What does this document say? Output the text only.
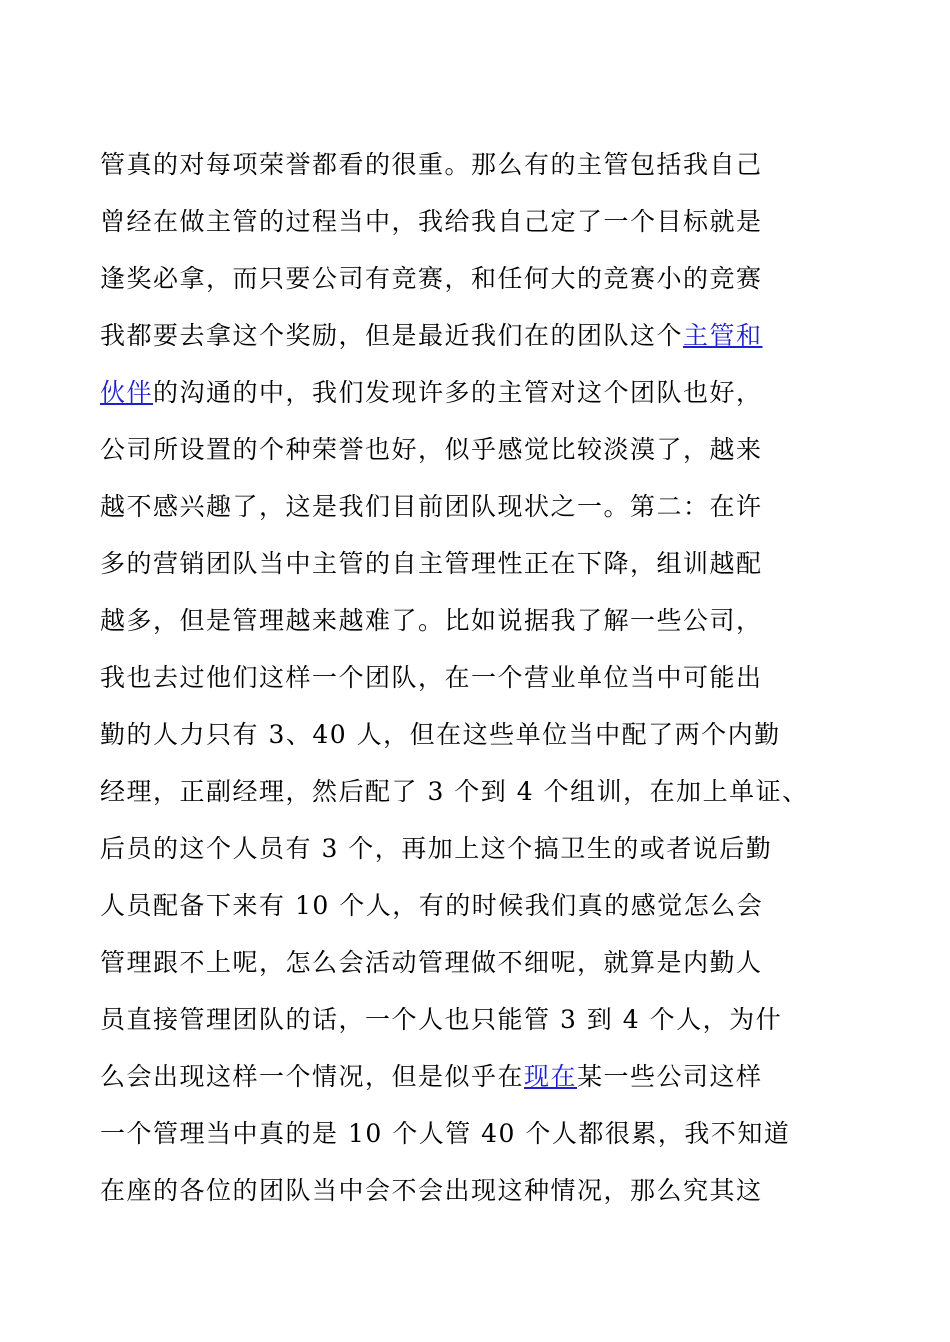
管真的对每项荣誉都看的很重。那么有的主管包括我自己
曾经在做主管的过程当中，我给我自己定了一个目标就是
逢奖必拿，而只要公司有竞赛，和任何大的竞赛小的竞赛
我都要去拿这个奖励，但是最近我们在的团队这个主管和
伙伴的沟通的中，我们发现许多的主管对这个团队也好，
公司所设置的个种荣誉也好，似乎感觉比较淡漠了，越来
越不感兴趣了，这是我们目前团队现状之一。第二：在许
多的营销团队当中主管的自主管理性正在下降，组训越配
越多，但是管理越来越难了。比如说据我了解一些公司，
我也去过他们这样一个团队，在一个营业单位当中可能出
勤的人力只有 3、40 人，但在这些单位当中配了两个内勤
经理，正副经理，然后配了 3 个到 4 个组训，在加上单证、
后员的这个人员有 3 个，再加上这个搞卫生的或者说后勤
人员配备下来有 10 个人，有的时候我们真的感觉怎么会
管理跟不上呢，怎么会活动管理做不细呢，就算是内勤人
员直接管理团队的话，一个人也只能管 3 到 4 个人，为什
么会出现这样一个情况，但是似乎在现在某一些公司这样
一个管理当中真的是 10 个人管 40 个人都很累，我不知道
在座的各位的团队当中会不会出现这种情况，那么究其这
